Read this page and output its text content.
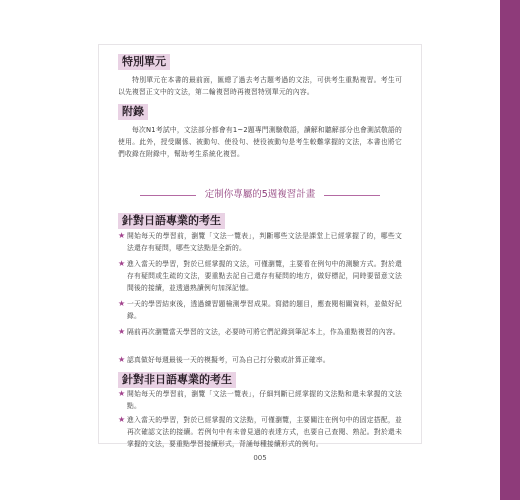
特別單元

特別單元在本書的最前面，匯總了過去考古題考過的文法，可供考生重點複習。考生可以先複習正文中的文法，第二輪複習時再複習特別單元的內容。

附錄

每次N1考試中，文法部分都會有1~2題專門測驗敬語，讀解和聽解部分也會測試敬語的使用。此外，授受關係、被動句、使役句、使役被動句是考生較難掌握的文法，本書也將它們收錄在附錄中，幫助考生系統化複習。

定制你專屬的5週複習計畫
針對日語專業的考生
★ 開始每天的學習前，瀏覽「文法一覽表」，判斷哪些文法是課堂上已經掌握了的，哪些文法還存有疑問，哪些文法點是全新的。
★ 進入當天的學習，對於已經掌握的文法，可僅瀏覽，主要看在例句中的測驗方式。對於還存有疑問或生疏的文法，要重點去記自己還存有疑問的地方，做好標記，同時要留意文法間後的接續，並透過熟讀例句加深記憶。
★ 一天的學習結束後，透過練習題檢測學習成果。寫錯的題目，應查閱相關資料，並做好紀錄。
★ 隔前再次瀏覽當天學習的文法，必要時可將它們記錄到筆記本上，作為重點複習的內容。
★ 認真做好每週最後一天的模擬考，可為自己打分數或計算正確率。
針對非日語專業的考生
★ 開始每天的學習前，瀏覽「文法一覽表」，仔細判斷已經掌握的文法點和還未掌握的文法點。
★ 進入當天的學習，對於已經掌握的文法點，可僅瀏覽，主要關注在例句中的固定搭配，並再次確認文法的接續。若例句中有未曾見過的表達方式，也要自己查閱、熟記。對於還未掌握的文法，要重點學習接續形式，背誦每種接續形式的例句。
005
